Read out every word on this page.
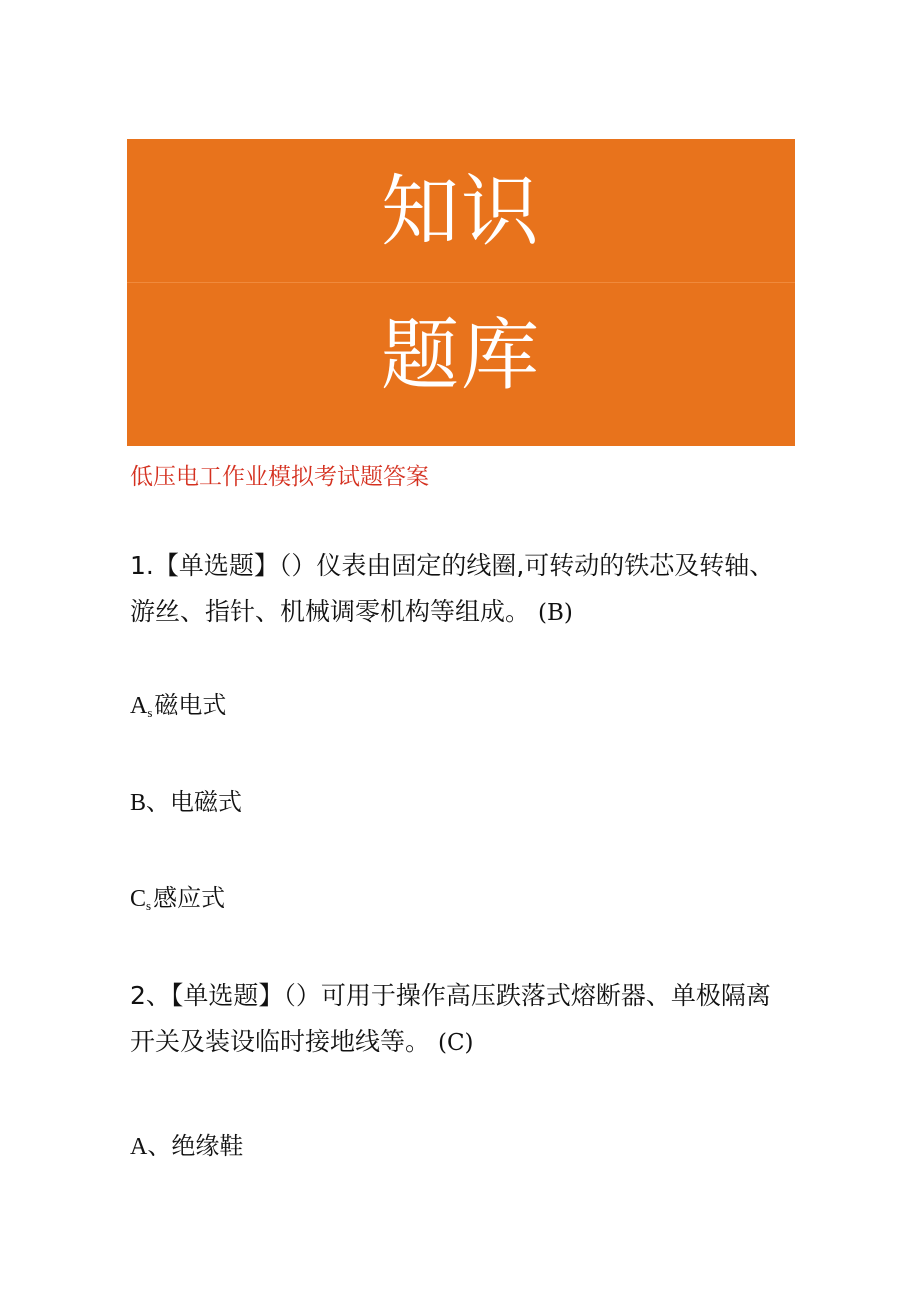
知识
题库
低压电工作业模拟考试题答案

1.【单选题】（）仪表由固定的线圈,可转动的铁芯及转轴、

游丝、指针、机械调零机构等组成。 (B)

As磁电式
B、电磁式
Cs感应式

2、【单选题】（）可用于操作高压跌落式熔断器、单极隔离

开关及装设临时接地线等。 (C)

A、绝缘鞋
